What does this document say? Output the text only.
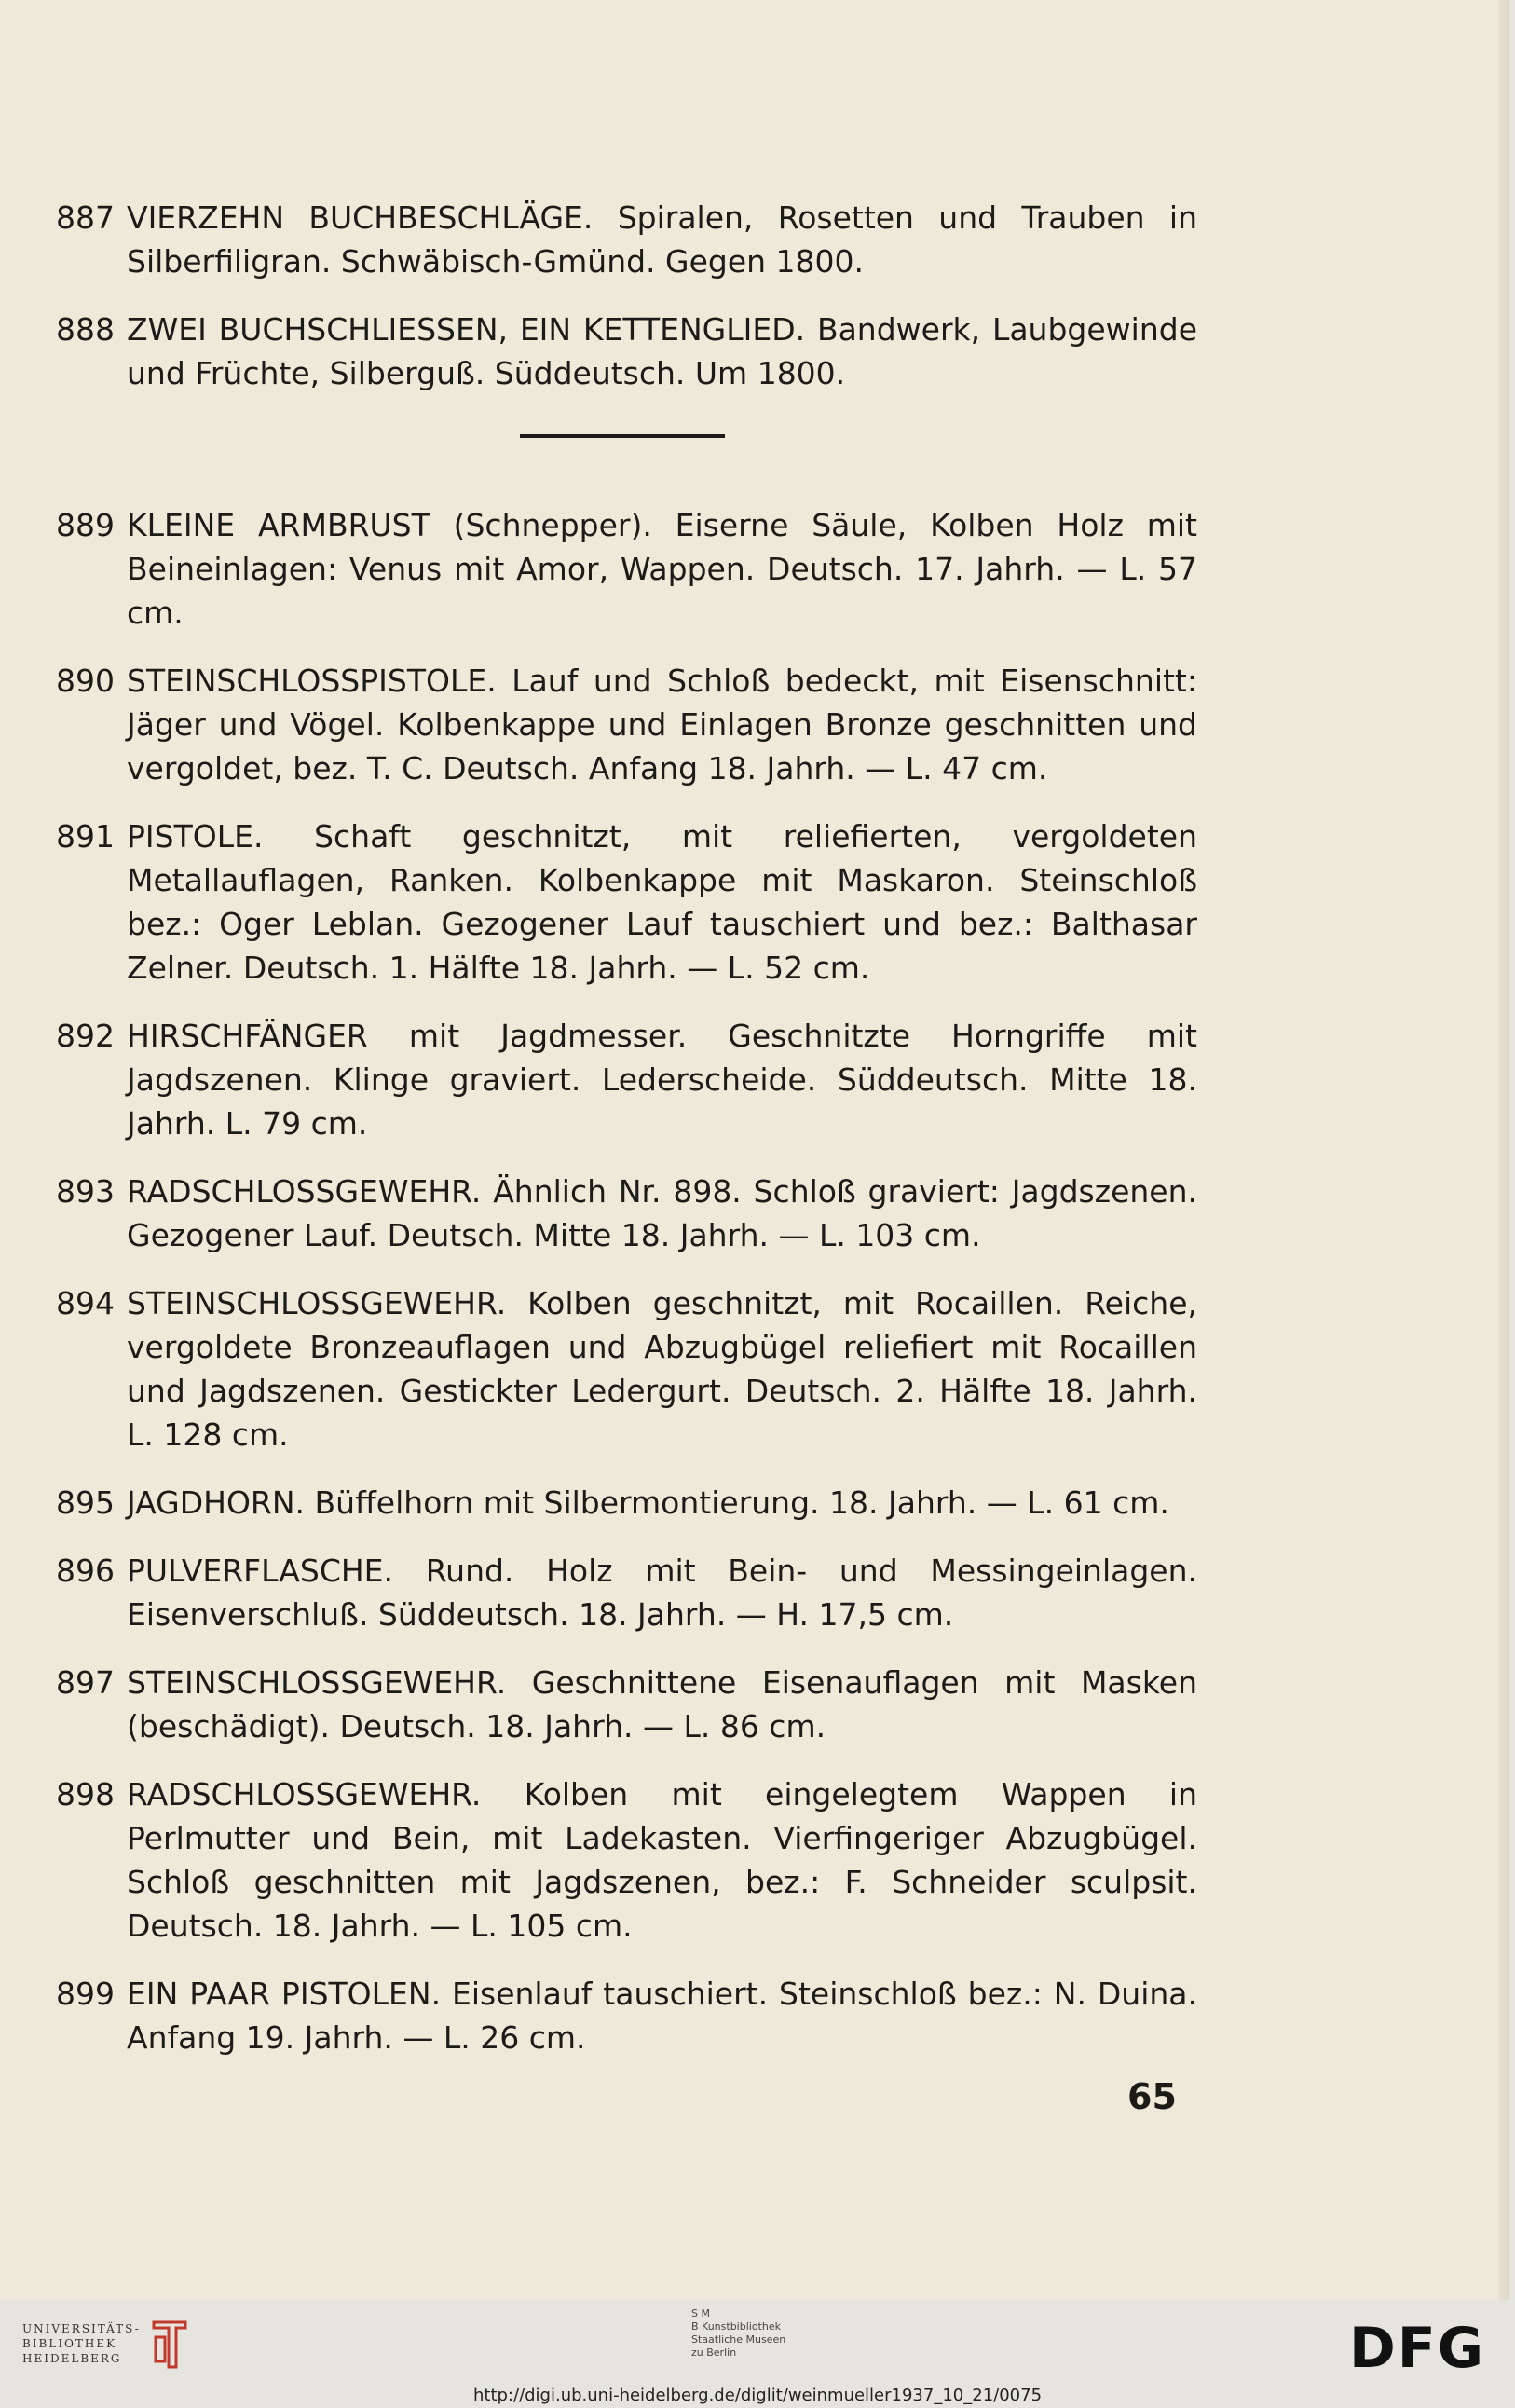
887 VIERZEHN BUCHBESCHLÄGE. Spiralen, Rosetten und Trauben in Silberfiligran. Schwäbisch-Gmünd. Gegen 1800.
888 ZWEI BUCHSCHLIESSEN, EIN KETTENGLIED. Bandwerk, Laubgewinde und Früchte, Silberguß. Süddeutsch. Um 1800.
889 KLEINE ARMBRUST (Schnepper). Eiserne Säule, Kolben Holz mit Beineinlagen: Venus mit Amor, Wappen. Deutsch. 17. Jahrh. — L. 57 cm.
890 STEINSCHLOSSPISTOLE. Lauf und Schloß bedeckt, mit Eisenschnitt: Jäger und Vögel. Kolbenkappe und Einlagen Bronze geschnitten und vergoldet, bez. T. C. Deutsch. Anfang 18. Jahrh. — L. 47 cm.
891 PISTOLE. Schaft geschnitzt, mit reliefierten, vergoldeten Metallauflagen, Ranken. Kolbenkappe mit Maskaron. Steinschloß bez.: Oger Leblan. Gezogener Lauf tauschiert und bez.: Balthasar Zelner. Deutsch. 1. Hälfte 18. Jahrh. — L. 52 cm.
892 HIRSCHFÄNGER mit Jagdmesser. Geschnitzte Horngriffe mit Jagdszenen. Klinge graviert. Lederscheide. Süddeutsch. Mitte 18. Jahrh. L. 79 cm.
893 RADSCHLOSSGEWEHR. Ähnlich Nr. 898. Schloß graviert: Jagdszenen. Gezogener Lauf. Deutsch. Mitte 18. Jahrh. — L. 103 cm.
894 STEINSCHLOSSGEWEHR. Kolben geschnitzt, mit Rocaillen. Reiche, vergoldete Bronzeauflagen und Abzugbügel reliefiert mit Rocaillen und Jagdszenen. Gestickter Ledergurt. Deutsch. 2. Hälfte 18. Jahrh. L. 128 cm.
895 JAGDHORN. Büffelhorn mit Silbermontierung. 18. Jahrh. — L. 61 cm.
896 PULVERFLASCHE. Rund. Holz mit Bein- und Messingeinlagen. Eisenverschluß. Süddeutsch. 18. Jahrh. — H. 17,5 cm.
897 STEINSCHLOSSGEWEHR. Geschnittene Eisenauflagen mit Masken (beschädigt). Deutsch. 18. Jahrh. — L. 86 cm.
898 RADSCHLOSSGEWEHR. Kolben mit eingelegtem Wappen in Perlmutter und Bein, mit Ladekasten. Vierfingeriger Abzugbügel. Schloß geschnitten mit Jagdszenen, bez.: F. Schneider sculpsit. Deutsch. 18. Jahrh. — L. 105 cm.
899 EIN PAAR PISTOLEN. Eisenlauf tauschiert. Steinschloß bez.: N. Duina. Anfang 19. Jahrh. — L. 26 cm.
65
UNIVERSITÄTS-
BIBLIOTHEK
HEIDELBERG
S M
B Kunstbibliothek
Staatliche Museen
zu Berlin	DFG
http://digi.ub.uni-heidelberg.de/diglit/weinmueller1937_10_21/0075
